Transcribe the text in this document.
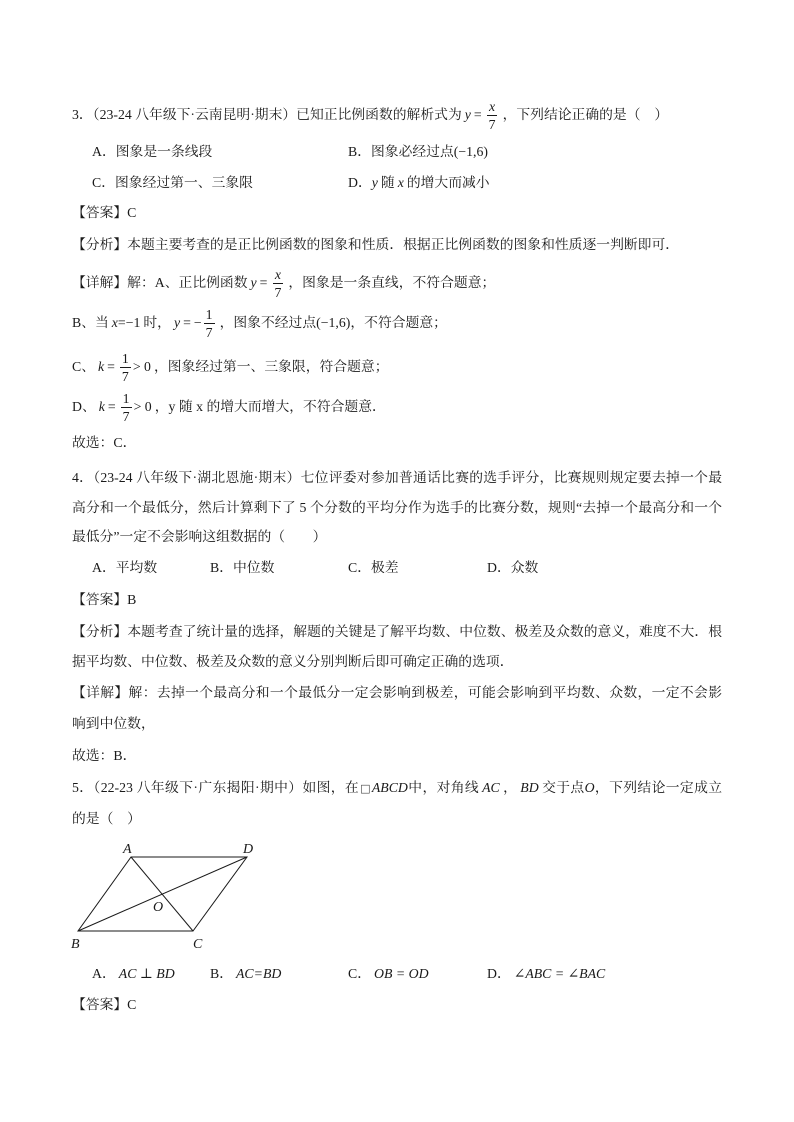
3．（23-24 八年级下·云南昆明·期末）已知正比例函数的解析式为 $y = \frac{x}{7}$ ，下列结论正确的是（　）
A．图象是一条线段	B．图象必经过点(−1,6)
C．图象经过第一、三象限	D．y 随 x 的增大而减小
【答案】C
【分析】本题主要考查的是正比例函数的图象和性质．根据正比例函数的图象和性质逐一判断即可．
【详解】解：A、正比例函数 $y = \frac{x}{7}$ ，图象是一条直线，不符合题意；
B、当 x=−1 时， y = − $\frac{1}{7}$ ，图象不经过点(−1,6)，不符合题意；
C、 $k = \frac{1}{7} > 0$ ，图象经过第一、三象限，符合题意；
D、 $k = \frac{1}{7} > 0$ ，y 随 x 的增大而增大，不符合题意．
故选：C．
4．（23-24 八年级下·湖北恩施·期末）七位评委对参加普通话比赛的选手评分，比赛规则规定要去掉一个最
高分和一个最低分，然后计算剩下了 5 个分数的平均分作为选手的比赛分数，规则“去掉一个最高分和一个
最低分”一定不会影响这组数据的（　　）
A．平均数	B．中位数	C．极差	D．众数
【答案】B
【分析】本题考查了统计量的选择，解题的关键是了解平均数、中位数、极差及众数的意义，难度不大．根
据平均数、中位数、极差及众数的意义分别判断后即可确定正确的选项．
【详解】解：去掉一个最高分和一个最低分一定会影响到极差，可能会影响到平均数、众数，一定不会影
响到中位数，
故选：B．
5．（22-23 八年级下·广东揭阳·期中）如图，在□ABCD中，对角线 AC ， BD 交于点O，下列结论一定成立
的是（　）
A	D
B	C
O
A． AC ⊥ BD	B． AC=BD	C． OB = OD	D． ∠ABC = ∠BAC
【答案】C
